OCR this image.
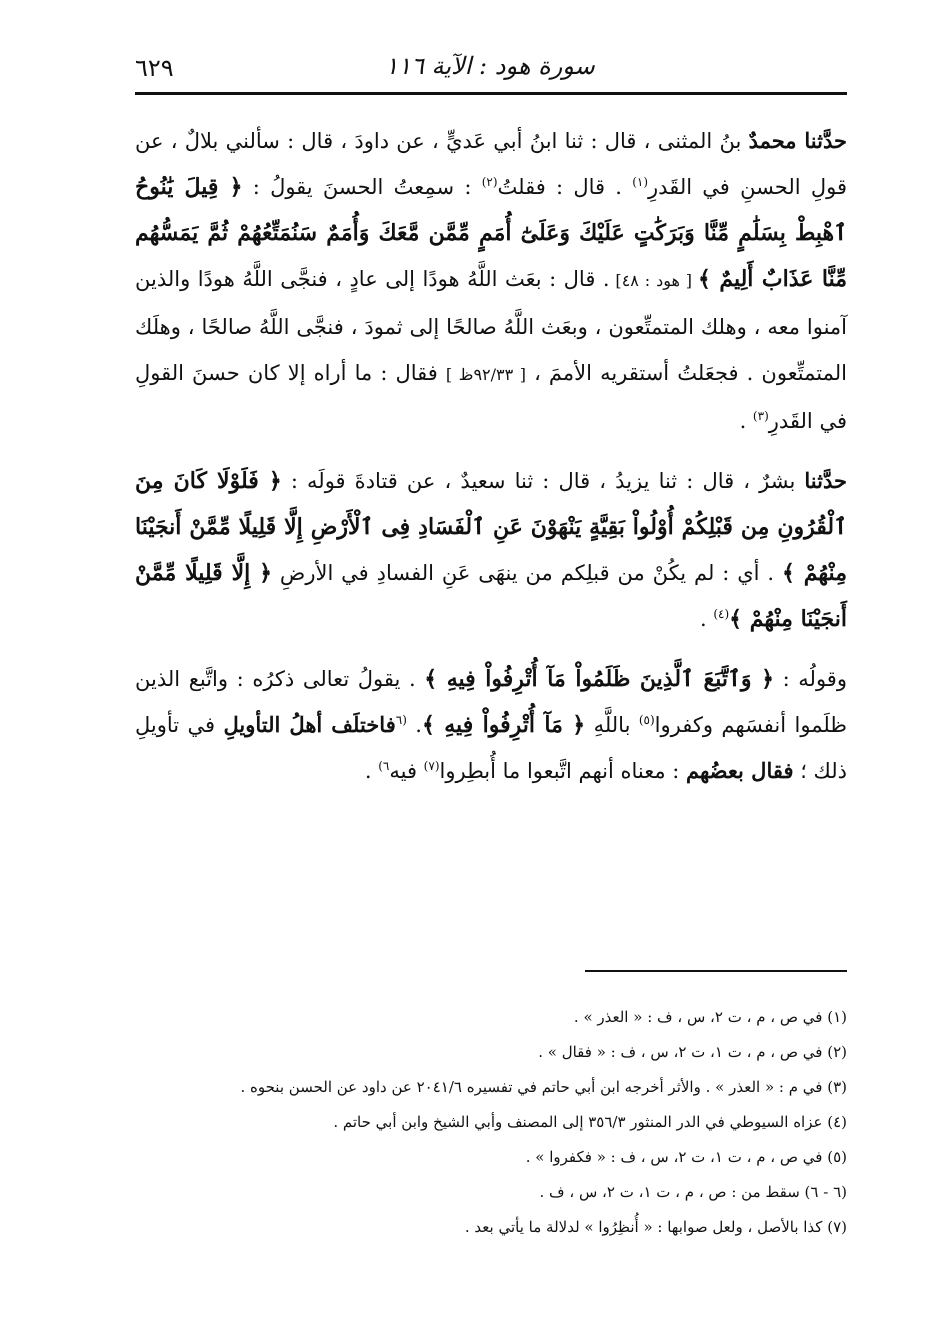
سورة هود : الآية ١١٦
٦٢٩

حدَّثنا محمدٌ بنُ المثنى ، قال : ثنا ابنُ أبي عَديٍّ ، عن داودَ ، قال : سألني بلالٌ ، عن قولِ الحسنِ في القَدرِ$^{(١)}$ . قال : فقلتُ$^{(٢)}$ : سمِعتُ الحسنَ يقولُ : ﴿ قِيلَ يَٰنُوحُ ٱهْبِطْ بِسَلَٰمٍ مِّنَّا وَبَرَكَٰتٍ عَلَيْكَ وَعَلَىٰٓ أُمَمٍ مِّمَّن مَّعَكَ وَأُمَمٌ سَنُمَتِّعُهُمْ ثُمَّ يَمَسُّهُم مِّنَّا عَذَابٌ أَلِيمٌ ﴾ [ هود : ٤٨] . قال : بعَث اللَّهُ هودًا إلى عادٍ ، فنجَّى اللَّهُ هودًا والذين آمنوا معه ، وهلك المتمتِّعون ، وبعَث اللَّهُ صالحًا إلى ثمودَ ، فنجَّى اللَّهُ صالحًا ، وهلَك المتمتِّعون . فجعَلتُ أستقريه الأممَ ، [ ٩٢/٣٣ظ ] فقال : ما أراه إلا كان حسنَ القولِ في القَدرِ$^{(٣)}$ .

حدَّثنا بشرٌ ، قال : ثنا يزيدُ ، قال : ثنا سعيدٌ ، عن قتادةَ قولَه : ﴿ فَلَوْلَا كَانَ مِنَ ٱلْقُرُونِ مِن قَبْلِكُمْ أُوْلُواْ بَقِيَّةٍ يَنْهَوْنَ عَنِ ٱلْفَسَادِ فِى ٱلْأَرْضِ إِلَّا قَلِيلًا مِّمَّنْ أَنجَيْنَا مِنْهُمْ ﴾ . أي : لم يكُنْ من قبلِكم من ينهَى عَنِ الفسادِ في الأرضِ ﴿ إِلَّا قَلِيلًا مِّمَّنْ أَنجَيْنَا مِنْهُمْ ﴾$^{(٤)}$ .

وقولُه : ﴿ وَٱتَّبَعَ ٱلَّذِينَ ظَلَمُواْ مَآ أُتْرِفُواْ فِيهِ ﴾ . يقولُ تعالى ذكرُه : واتَّبع الذين ظلَموا أنفسَهم وكفروا$^{(٥)}$ باللَّهِ ﴿ مَآ أُتْرِفُواْ فِيهِ ﴾. $^{(٦}$فاختلَف أهلُ التأويلِ في تأويلِ ذلك ؛ فقال بعضُهم : معناه أنهم اتَّبعوا ما أُبطِروا$^{(٧)}$ فيه$^{٦)}$ .

(١) في ص ، م ، ت ٢، س ، ف : « العذر » .

(٢) في ص ، م ، ت ١، ت ٢، س ، ف : « فقال » .

(٣) في م : « العذر » . والأثر أخرجه ابن أبي حاتم في تفسيره ٢٠٤١/٦ عن داود عن الحسن بنحوه .

(٤) عزاه السيوطي في الدر المنثور ٣٥٦/٣ إلى المصنف وأبي الشيخ وابن أبي حاتم .

(٥) في ص ، م ، ت ١، ت ٢، س ، ف : « فكفروا » .

(٦ - ٦) سقط من : ص ، م ، ت ١، ت ٢، س ، ف .

(٧) كذا بالأصل ، ولعل صوابها : « أُنظِرُوا » لدلالة ما يأتي بعد .
